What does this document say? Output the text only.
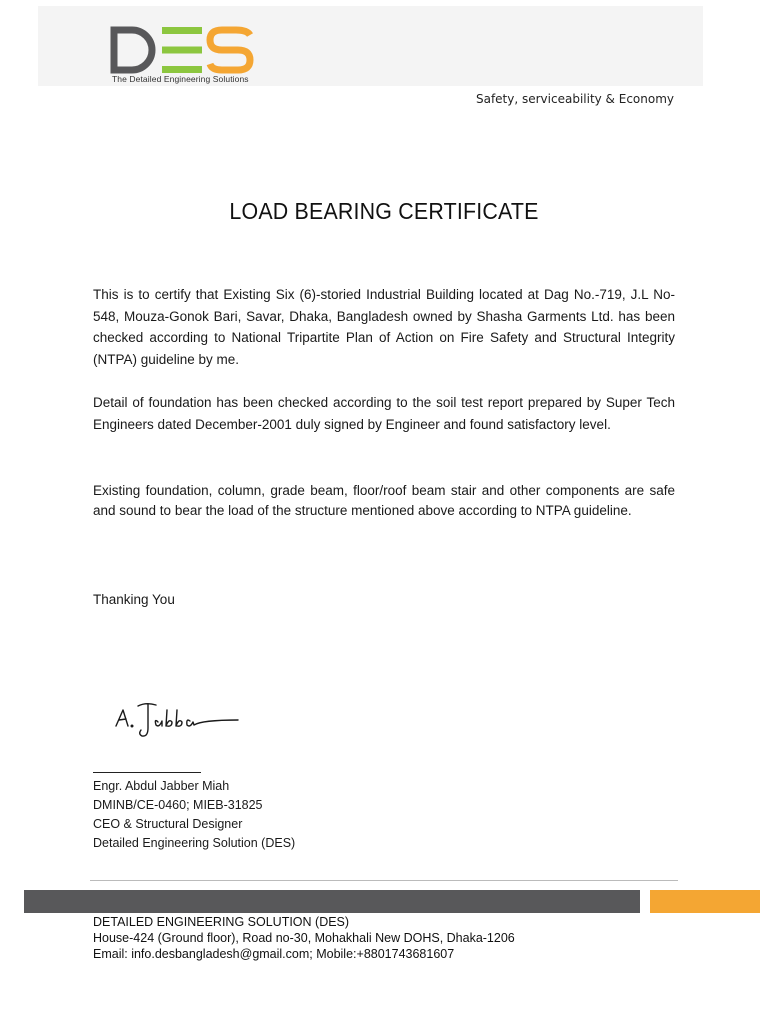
The Detailed Engineering Solutions
Safety, serviceability & Economy
LOAD BEARING CERTIFICATE

This is to certify that Existing Six (6)-storied Industrial Building located at Dag No.-719, J.L No-548, Mouza-Gonok Bari, Savar, Dhaka, Bangladesh owned by Shasha Garments Ltd. has been checked according to National Tripartite Plan of Action on Fire Safety and Structural Integrity (NTPA) guideline by me.

Detail of foundation has been checked according to the soil test report prepared by Super Tech Engineers dated December-2001 duly signed by Engineer and found satisfactory level.

Existing foundation, column, grade beam, floor/roof beam stair and other components are safe and sound to bear the load of the structure mentioned above according to NTPA guideline.

Thanking You
Engr. Abdul Jabber Miah
DMINB/CE-0460; MIEB-31825
CEO & Structural Designer
Detailed Engineering Solution (DES)
DETAILED ENGINEERING SOLUTION (DES)
House-424 (Ground floor), Road no-30, Mohakhali New DOHS, Dhaka-1206
Email: info.desbangladesh@gmail.com; Mobile:+8801743681607
